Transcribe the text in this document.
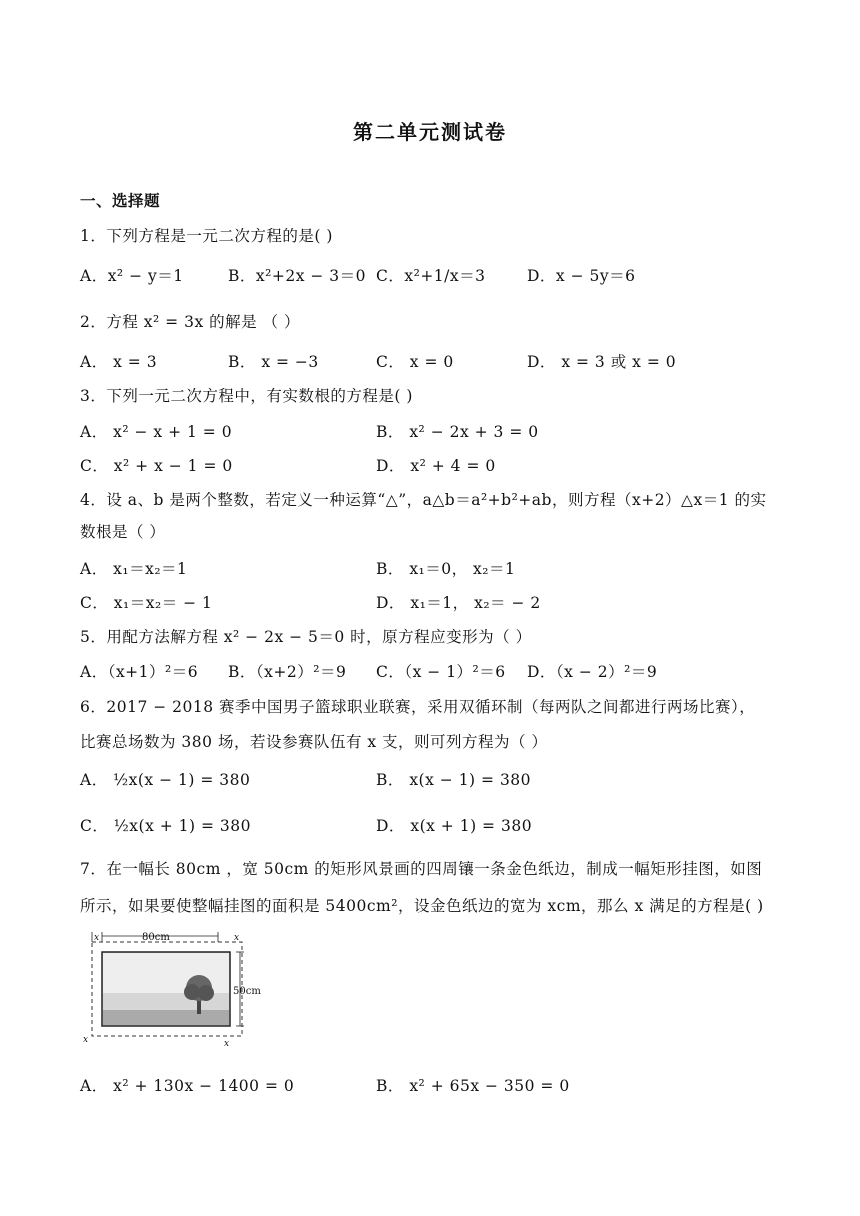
第二单元测试卷
一、选择题
1．下列方程是一元二次方程的是( )
A．x² − y＝1	B．x²+2x − 3＝0 C．x²+1/x＝3	D．x − 5y＝6
2．方程 x² = 3x 的解是 （ ）
A． x = 3	B． x = −3	C． x = 0	D． x = 3 或 x = 0
3．下列一元二次方程中，有实数根的方程是( )
A． x² − x + 1 = 0	B． x² − 2x + 3 = 0
C． x² + x − 1 = 0	D． x² + 4 = 0
4．设 a、b 是两个整数，若定义一种运算“△”，a△b＝a²+b²+ab，则方程（x+2）△x＝1 的实
数根是（ ）
A． x₁＝x₂＝1	B． x₁＝0， x₂＝1
C． x₁＝x₂＝ − 1	D． x₁＝1， x₂＝ − 2
5．用配方法解方程 x² − 2x − 5＝0 时，原方程应变形为（ ）
A．（x+1）²＝6 B．（x+2）²＝9 C．（x − 1）²＝6 D．（x − 2）²＝9
6．2017 − 2018 赛季中国男子篮球职业联赛，采用双循环制（每两队之间都进行两场比赛），
比赛总场数为 380 场，若设参赛队伍有 x 支，则可列方程为（ ）
A． ½x(x − 1) = 380	B． x(x − 1) = 380
C． ½x(x + 1) = 380	D． x(x + 1) = 380
7．在一幅长 80cm ，宽 50cm 的矩形风景画的四周镶一条金色纸边，制成一幅矩形挂图，如图
所示，如果要使整幅挂图的面积是 5400cm²，设金色纸边的宽为 xcm，那么 x 满足的方程是( )
80cm
x	x
50cm
x	x
A． x² + 130x − 1400 = 0	B． x² + 65x − 350 = 0
